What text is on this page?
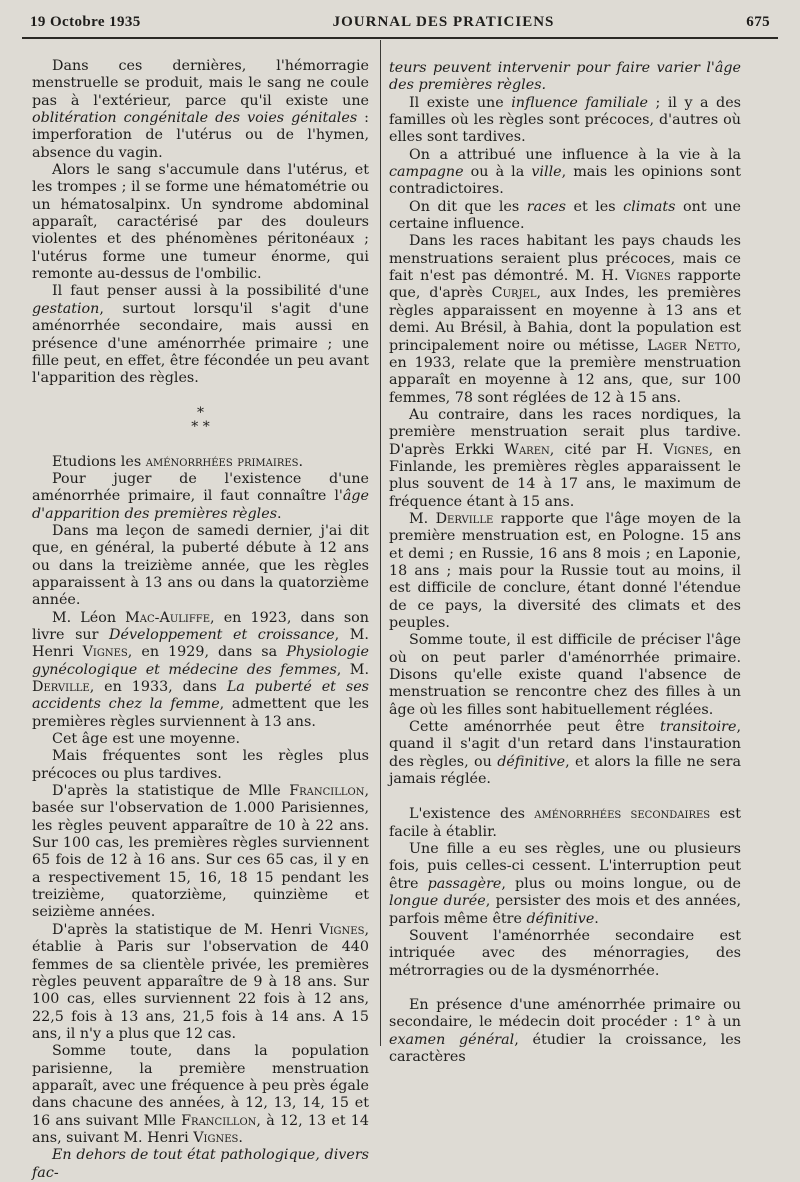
19 Octobre 1935	JOURNAL DES PRATICIENS	675

Dans ces dernières, l'hémorragie menstruelle se produit, mais le sang ne coule pas à l'extérieur, parce qu'il existe une oblitération congénitale des voies génitales : imperforation de l'utérus ou de l'hymen, absence du vagin.

Alors le sang s'accumule dans l'utérus, et les trompes ; il se forme une hématométrie ou un hématosalpinx. Un syndrome abdominal apparaît, caractérisé par des douleurs violentes et des phénomènes péritonéaux ; l'utérus forme une tumeur énorme, qui remonte au-dessus de l'ombilic.

Il faut penser aussi à la possibilité d'une gestation, surtout lorsqu'il s'agit d'une aménorrhée secondaire, mais aussi en présence d'une aménorrhée primaire ; une fille peut, en effet, être fécondée un peu avant l'apparition des règles.

*
* *

Etudions les aménorrhées primaires.

Pour juger de l'existence d'une aménorrhée primaire, il faut connaître l'âge d'apparition des premières règles.

Dans ma leçon de samedi dernier, j'ai dit que, en général, la puberté débute à 12 ans ou dans la treizième année, que les règles apparaissent à 13 ans ou dans la quatorzième année.

M. Léon Mac-Auliffe, en 1923, dans son livre sur Développement et croissance, M. Henri Vignes, en 1929, dans sa Physiologie gynécologique et médecine des femmes, M. Derville, en 1933, dans La puberté et ses accidents chez la femme, admettent que les premières règles surviennent à 13 ans.

Cet âge est une moyenne.

Mais fréquentes sont les règles plus précoces ou plus tardives.

D'après la statistique de Mlle Francillon, basée sur l'observation de 1.000 Parisiennes, les règles peuvent apparaître de 10 à 22 ans. Sur 100 cas, les premières règles surviennent 65 fois de 12 à 16 ans. Sur ces 65 cas, il y en a respectivement 15, 16, 18 15 pendant les treizième, quatorzième, quinzième et seizième années.

D'après la statistique de M. Henri Vignes, établie à Paris sur l'observation de 440 femmes de sa clientèle privée, les premières règles peuvent apparaître de 9 à 18 ans. Sur 100 cas, elles surviennent 22 fois à 12 ans, 22,5 fois à 13 ans, 21,5 fois à 14 ans. A 15 ans, il n'y a plus que 12 cas.

Somme toute, dans la population parisienne, la première menstruation apparaît, avec une fréquence à peu près égale dans chacune des années, à 12, 13, 14, 15 et 16 ans suivant Mlle Francillon, à 12, 13 et 14 ans, suivant M. Henri Vignes.

En dehors de tout état pathologique, divers fac-

teurs peuvent intervenir pour faire varier l'âge des premières règles.

Il existe une influence familiale ; il y a des familles où les règles sont précoces, d'autres où elles sont tardives.

On a attribué une influence à la vie à la campagne ou à la ville, mais les opinions sont contradictoires.

On dit que les races et les climats ont une certaine influence.

Dans les races habitant les pays chauds les menstruations seraient plus précoces, mais ce fait n'est pas démontré. M. H. Vignes rapporte que, d'après Curjel, aux Indes, les premières règles apparaissent en moyenne à 13 ans et demi. Au Brésil, à Bahia, dont la population est principalement noire ou métisse, Lager Netto, en 1933, relate que la première menstruation apparaît en moyenne à 12 ans, que, sur 100 femmes, 78 sont réglées de 12 à 15 ans.

Au contraire, dans les races nordiques, la première menstruation serait plus tardive. D'après Erkki Waren, cité par H. Vignes, en Finlande, les premières règles apparaissent le plus souvent de 14 à 17 ans, le maximum de fréquence étant à 15 ans.

M. Derville rapporte que l'âge moyen de la première menstruation est, en Pologne. 15 ans et demi ; en Russie, 16 ans 8 mois ; en Laponie, 18 ans ; mais pour la Russie tout au moins, il est difficile de conclure, étant donné l'étendue de ce pays, la diversité des climats et des peuples.

Somme toute, il est difficile de préciser l'âge où on peut parler d'aménorrhée primaire. Disons qu'elle existe quand l'absence de menstruation se rencontre chez des filles à un âge où les filles sont habituellement réglées.

Cette aménorrhée peut être transitoire, quand il s'agit d'un retard dans l'instauration des règles, ou définitive, et alors la fille ne sera jamais réglée.

L'existence des aménorrhées secondaires est facile à établir.

Une fille a eu ses règles, une ou plusieurs fois, puis celles-ci cessent. L'interruption peut être passagère, plus ou moins longue, ou de longue durée, persister des mois et des années, parfois même être définitive.

Souvent l'aménorrhée secondaire est intriquée avec des ménorragies, des métrorragies ou de la dysménorrhée.

En présence d'une aménorrhée primaire ou secondaire, le médecin doit procéder : 1° à un examen général, étudier la croissance, les caractères
